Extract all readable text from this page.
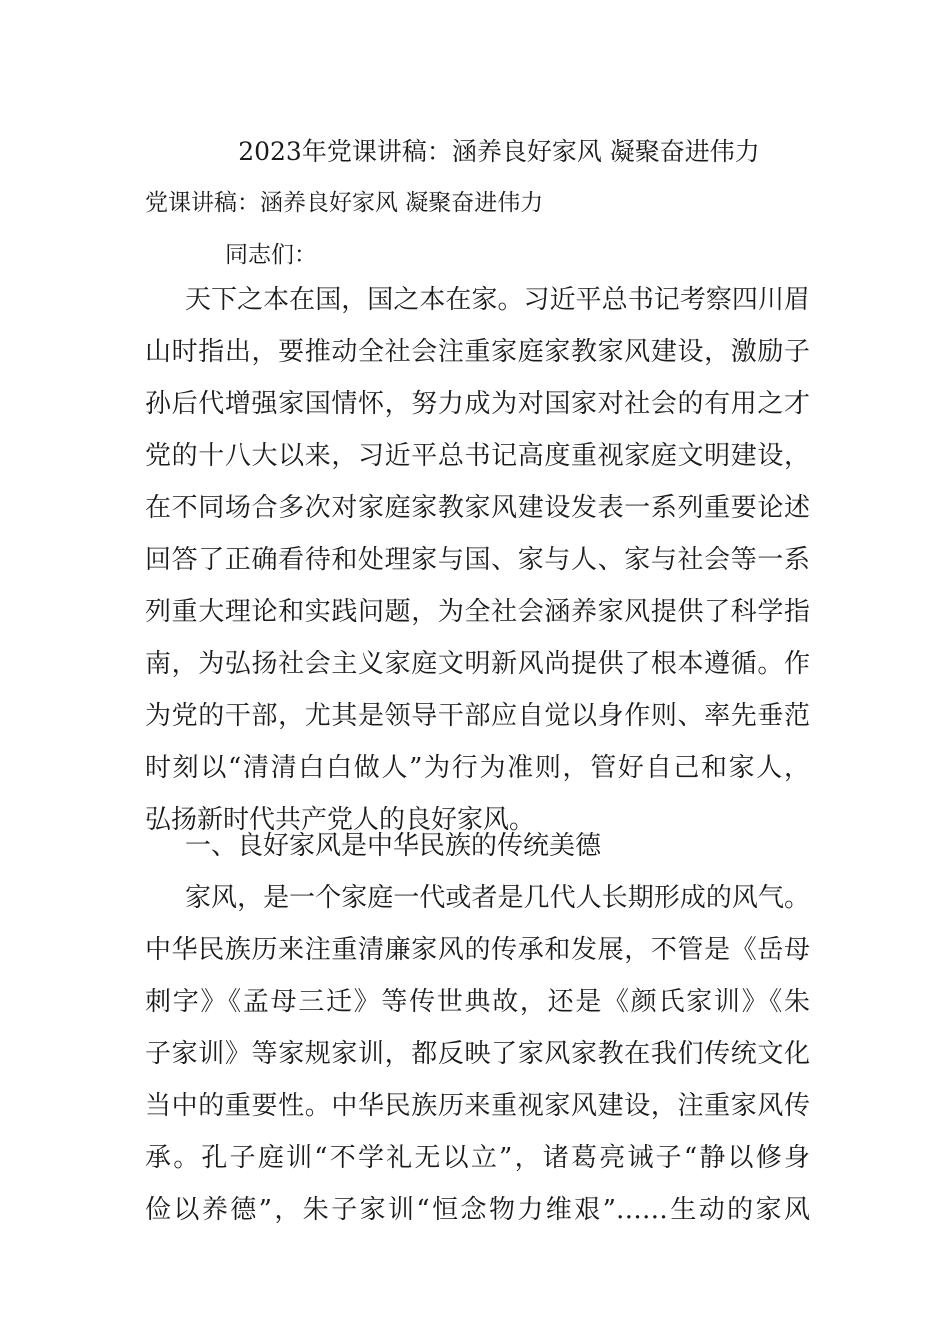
2023年党课讲稿：涵养良好家风 凝聚奋进伟力
党课讲稿：涵养良好家风 凝聚奋进伟力
同志们：
天下之本在国，国之本在家。习近平总书记考察四川眉
山时指出，要推动全社会注重家庭家教家风建设，激励子
孙后代增强家国情怀，努力成为对国家对社会的有用之才
党的十八大以来，习近平总书记高度重视家庭文明建设，
在不同场合多次对家庭家教家风建设发表一系列重要论述
回答了正确看待和处理家与国、家与人、家与社会等一系
列重大理论和实践问题，为全社会涵养家风提供了科学指
南，为弘扬社会主义家庭文明新风尚提供了根本遵循。作
为党的干部，尤其是领导干部应自觉以身作则、率先垂范
时刻以“清清白白做人”为行为准则，管好自己和家人，
弘扬新时代共产党人的良好家风。
一、良好家风是中华民族的传统美德
家风，是一个家庭一代或者是几代人长期形成的风气。
中华民族历来注重清廉家风的传承和发展，不管是《岳母
刺字》《孟母三迁》等传世典故，还是《颜氏家训》《朱
子家训》等家规家训，都反映了家风家教在我们传统文化
当中的重要性。中华民族历来重视家风建设，注重家风传
承。孔子庭训“不学礼无以立”，诸葛亮诫子“静以修身
俭以养德”，朱子家训“恒念物力维艰”……生动的家风
